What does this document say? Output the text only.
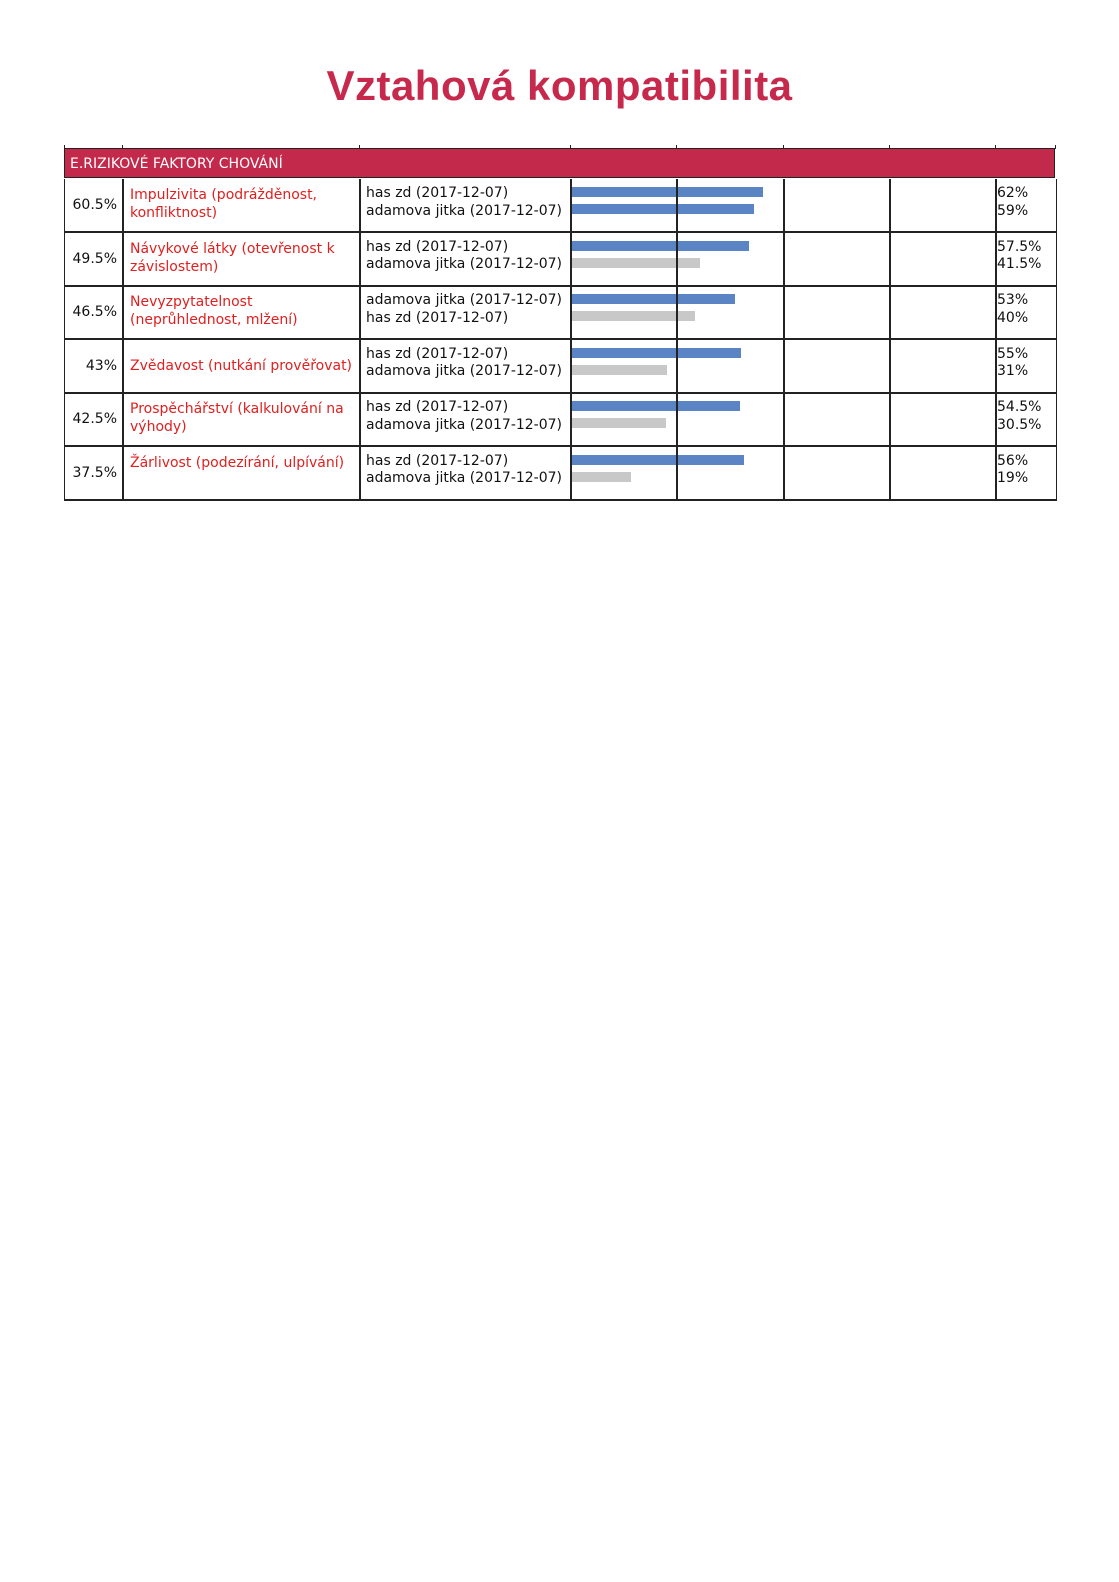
Vztahová kompatibilita
E.RIZIKOVÉ FAKTORY CHOVÁNÍ
60.5%
Impulzivita (podrážděnost, konfliktnost)
has zd (2017-12-07)
adamova jitka (2017-12-07)
62%
59%
49.5%
Návykové látky (otevřenost k závislostem)
has zd (2017-12-07)
adamova jitka (2017-12-07)
57.5%
41.5%
46.5%
Nevyzpytatelnost (neprůhlednost, mlžení)
adamova jitka (2017-12-07)
has zd (2017-12-07)
53%
40%
43% Zvědavost (nutkání prověřovat)
has zd (2017-12-07)
adamova jitka (2017-12-07)
55%
31%
42.5%
Prospěchářství (kalkulování na výhody)
has zd (2017-12-07)
adamova jitka (2017-12-07)
54.5%
30.5%
37.5%
Žárlivost (podezírání, ulpívání)	has zd (2017-12-07)
adamova jitka (2017-12-07)
56%
19%
